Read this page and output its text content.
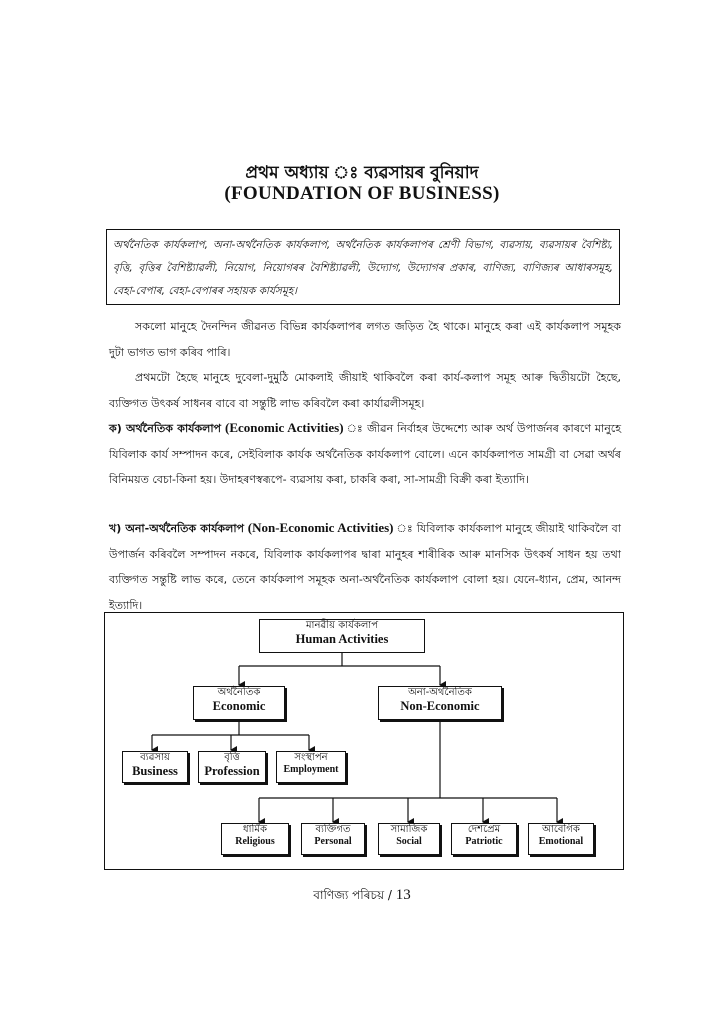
প্ৰথম অধ্যায় ঃ ব্যৱসায়ৰ বুনিয়াদ
(FOUNDATION OF BUSINESS)
অৰ্থনৈতিক কাৰ্যকলাপ, অনা-অৰ্থনৈতিক কাৰ্যকলাপ, অৰ্থনৈতিক কাৰ্যকলাপৰ শ্ৰেণী বিভাগ, ব্যৱসায়, ব্যৱসায়ৰ বৈশিষ্ট্য, বৃত্তি, বৃত্তিৰ বৈশিষ্ট্যাৱলী, নিয়োগ, নিয়োগৰৰ বৈশিষ্ট্যাৱলী, উদ্যোগ, উদ্যোগৰ প্ৰকাৰ, বাণিজ্য, বাণিজ্যৰ আধাৰসমূহ, বেহা-বেপাৰ, বেহা-বেপাৰৰ সহায়ক কাৰ্যসমূহ।
সকলো মানুহে দৈনন্দিন জীৱনত বিভিন্ন কাৰ্যকলাপৰ লগত জড়িত হৈ থাকে। মানুহে কৰা এই কাৰ্যকলাপ সমূহক দুটা ভাগত ভাগ কৰিব পাৰি।
প্ৰথমটো হৈছে মানুহে দুবেলা-দুমুঠি মোকলাই জীয়াই থাকিবলৈ কৰা কাৰ্য-কলাপ সমূহ আৰু দ্বিতীয়টো হৈছে, ব্যক্তিগত উৎকৰ্ষ সাধনৰ বাবে বা সন্তুষ্টি লাভ কৰিবলৈ কৰা কাৰ্যাৱলীসমূহ।
ক) অৰ্থনৈতিক কাৰ্যকলাপ (Economic Activities) ঃ জীৱন নিৰ্বাহৰ উদ্দেশ্যে আৰু অৰ্থ উপাৰ্জনৰ কাৰণে মানুহে যিবিলাক কাৰ্য সম্পাদন কৰে, সেইবিলাক কাৰ্যক অৰ্থনৈতিক কাৰ্যকলাপ বোলে। এনে কাৰ্যকলাপত সামগ্ৰী বা সেৱা অৰ্থৰ বিনিময়ত বেচা-কিনা হয়। উদাহৰণস্বৰূপে- ব্যৱসায় কৰা, চাকৰি কৰা, সা-সামগ্ৰী বিক্ৰী কৰা ইত্যাদি।
খ) অনা-অৰ্থনৈতিক কাৰ্যকলাপ (Non-Economic Activities) ঃ যিবিলাক কাৰ্যকলাপ মানুহে জীয়াই থাকিবলৈ বা উপাৰ্জন কৰিবলৈ সম্পাদন নকৰে, যিবিলাক কাৰ্যকলাপৰ দ্বাৰা মানুহৰ শাৰীৰিক আৰু মানসিক উৎকৰ্ষ সাধন হয় তথা ব্যক্তিগত সন্তুষ্টি লাভ কৰে, তেনে কাৰ্যকলাপ সমূহক অনা-অৰ্থনৈতিক কাৰ্যকলাপ বোলা হয়। যেনে-ধ্যান, প্ৰেম, আনন্দ ইত্যাদি।
মানৱীয় কাৰ্যকলাপ
Human Activities
অৰ্থনৈতিক
Economic
অনা-অৰ্থনৈতিক
Non-Economic
ব্যৱসায়
Business
বৃত্তি
Profession
সংস্থাপন
Employment
ধাৰ্মিক
Religious
ব্যক্তিগত
Personal
সামাজিক
Social
দেশপ্ৰেম
Patriotic
আবেগিক
Emotional
বাণিজ্য পৰিচয় / 13
